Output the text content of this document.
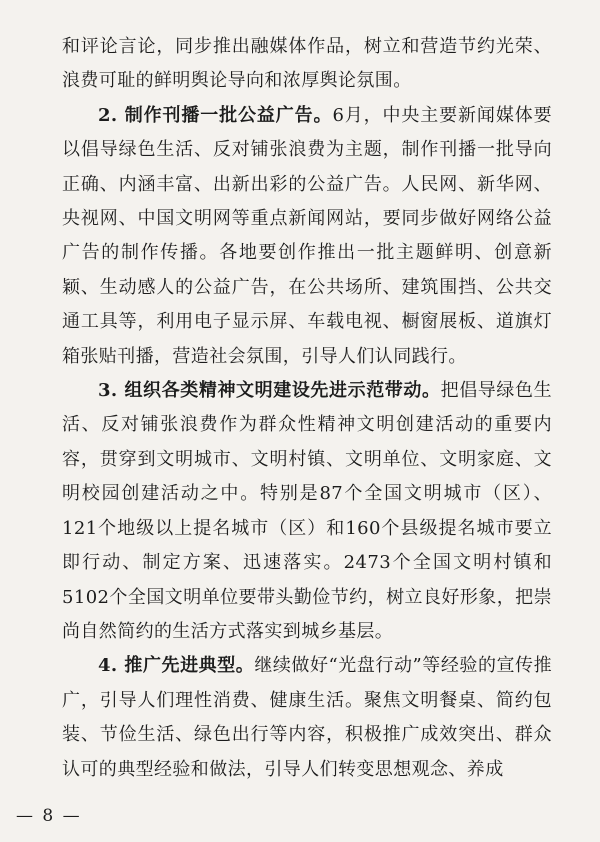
和评论言论，同步推出融媒体作品，树立和营造节约光荣、浪费可耻的鲜明舆论导向和浓厚舆论氛围。

2. 制作刊播一批公益广告。6月，中央主要新闻媒体要以倡导绿色生活、反对铺张浪费为主题，制作刊播一批导向正确、内涵丰富、出新出彩的公益广告。人民网、新华网、央视网、中国文明网等重点新闻网站，要同步做好网络公益广告的制作传播。各地要创作推出一批主题鲜明、创意新颖、生动感人的公益广告，在公共场所、建筑围挡、公共交通工具等，利用电子显示屏、车载电视、橱窗展板、道旗灯箱张贴刊播，营造社会氛围，引导人们认同践行。

3. 组织各类精神文明建设先进示范带动。把倡导绿色生活、反对铺张浪费作为群众性精神文明创建活动的重要内容，贯穿到文明城市、文明村镇、文明单位、文明家庭、文明校园创建活动之中。特别是87个全国文明城市（区）、121个地级以上提名城市（区）和160个县级提名城市要立即行动、制定方案、迅速落实。2473个全国文明村镇和5102个全国文明单位要带头勤俭节约，树立良好形象，把崇尚自然简约的生活方式落实到城乡基层。

4. 推广先进典型。继续做好“光盘行动”等经验的宣传推广，引导人们理性消费、健康生活。聚焦文明餐桌、简约包装、节俭生活、绿色出行等内容，积极推广成效突出、群众认可的典型经验和做法，引导人们转变思想观念、养成

— 8 —
